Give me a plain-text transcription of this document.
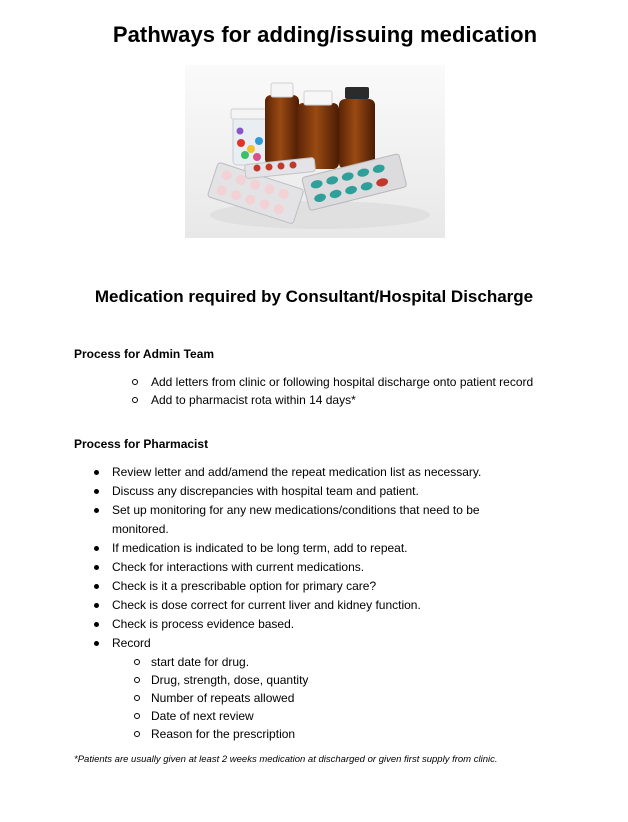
Pathways for adding/issuing medication
Medication required by Consultant/Hospital Discharge
Process for Admin Team
Add letters from clinic or following hospital discharge onto patient record
Add to pharmacist rota within 14 days*
Process for Pharmacist
Review letter and add/amend the repeat medication list as necessary.
Discuss any discrepancies with hospital team and patient.
Set up monitoring for any new medications/conditions that need to be monitored.
If medication is indicated to be long term, add to repeat.
Check for interactions with current medications.
Check is it a prescribable option for primary care?
Check is dose correct for current liver and kidney function.
Check is process evidence based.
Record
start date for drug.
Drug, strength, dose, quantity
Number of repeats allowed
Date of next review
Reason for the prescription
*Patients are usually given at least 2 weeks medication at discharged or given first supply from clinic.
